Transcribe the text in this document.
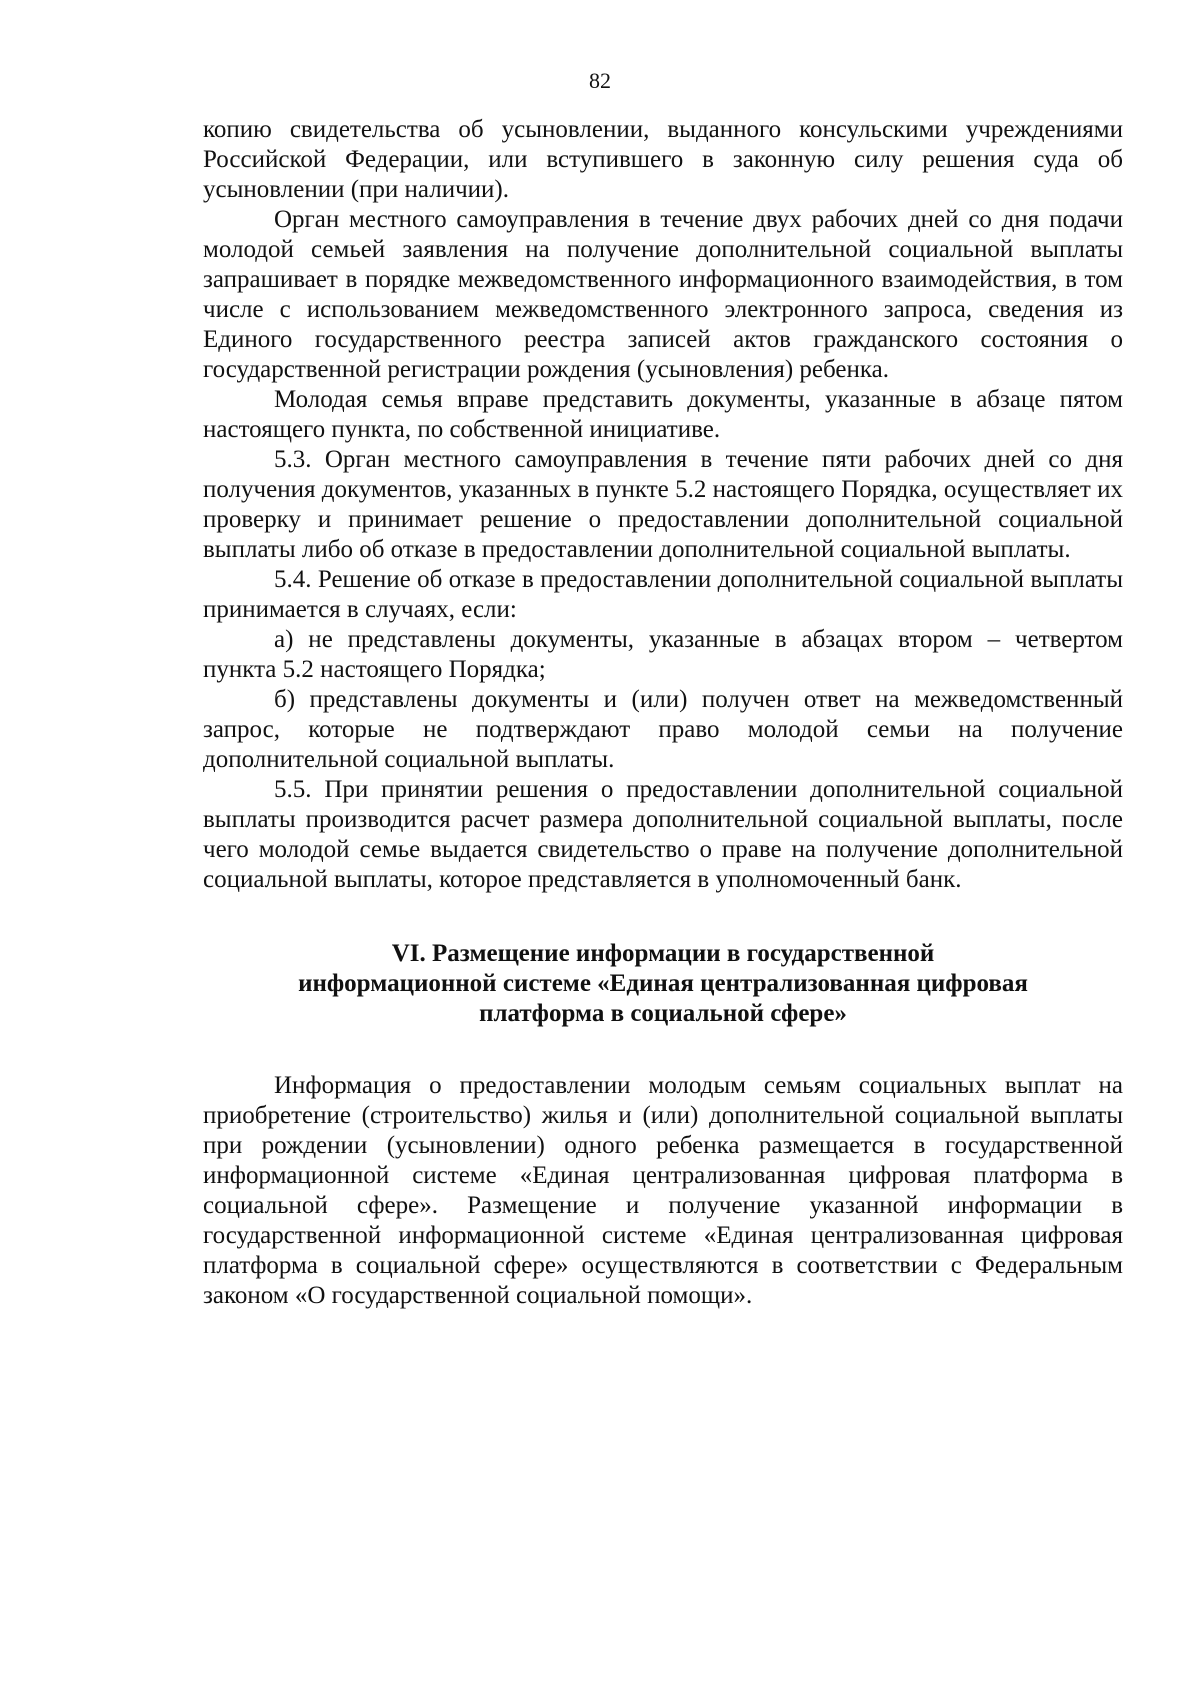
82

копию свидетельства об усыновлении, выданного консульскими учреждениями Российской Федерации, или вступившего в законную силу решения суда об усыновлении (при наличии).

Орган местного самоуправления в течение двух рабочих дней со дня подачи молодой семьей заявления на получение дополнительной социальной выплаты запрашивает в порядке межведомственного информационного взаимодействия, в том числе с использованием межведомственного электронного запроса, сведения из Единого государственного реестра записей актов гражданского состояния о государственной регистрации рождения (усыновления) ребенка.

Молодая семья вправе представить документы, указанные в абзаце пятом настоящего пункта, по собственной инициативе.

5.3. Орган местного самоуправления в течение пяти рабочих дней со дня получения документов, указанных в пункте 5.2 настоящего Порядка, осуществляет их проверку и принимает решение о предоставлении дополнительной социальной выплаты либо об отказе в предоставлении дополнительной социальной выплаты.

5.4. Решение об отказе в предоставлении дополнительной социальной выплаты принимается в случаях, если:

а) не представлены документы, указанные в абзацах втором – четвертом пункта 5.2 настоящего Порядка;

б) представлены документы и (или) получен ответ на межведомственный запрос, которые не подтверждают право молодой семьи на получение дополнительной социальной выплаты.

5.5. При принятии решения о предоставлении дополнительной социальной выплаты производится расчет размера дополнительной социальной выплаты, после чего молодой семье выдается свидетельство о праве на получение дополнительной социальной выплаты, которое представляется в уполномоченный банк.

VI. Размещение информации в государственной
информационной системе «Единая централизованная цифровая
платформа в социальной сфере»

Информация о предоставлении молодым семьям социальных выплат на приобретение (строительство) жилья и (или) дополнительной социальной выплаты при рождении (усыновлении) одного ребенка размещается в государственной информационной системе «Единая централизованная цифровая платформа в социальной сфере». Размещение и получение указанной информации в государственной информационной системе «Единая централизованная цифровая платформа в социальной сфере» осуществляются в соответствии с Федеральным законом «О государственной социальной помощи».
